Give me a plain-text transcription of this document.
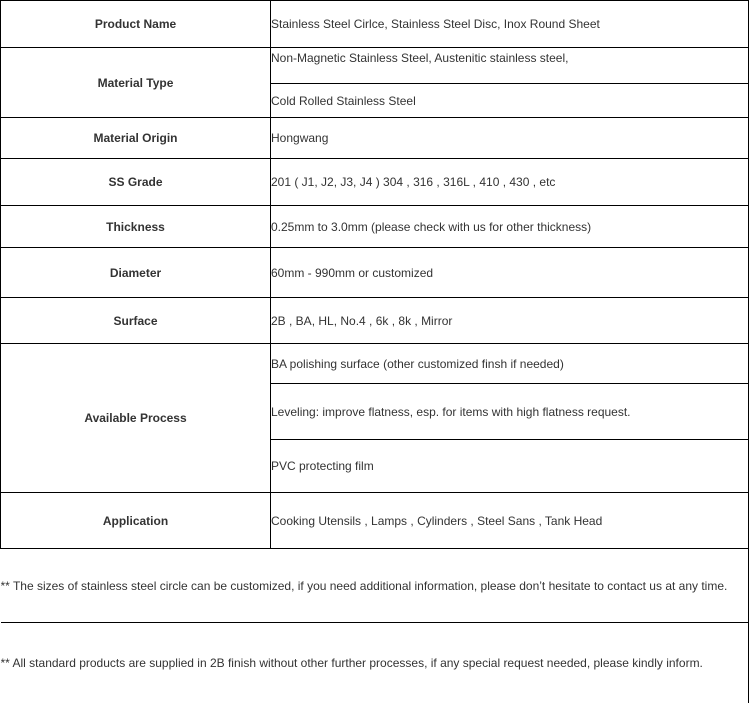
Product Name	Stainless Steel Cirlce, Stainless Steel Disc, Inox Round Sheet
Material Type	Non-Magnetic Stainless Steel, Austenitic stainless steel,

	Cold Rolled Stainless Steel
Material Origin	Hongwang
SS Grade	201 ( J1, J2, J3, J4 ) 304 , 316 , 316L , 410 , 430 , etc
Thickness	0.25mm to 3.0mm (please check with us for other thickness)
Diameter	60mm - 990mm or customized
Surface	2B , BA, HL, No.4 , 6k , 8k , Mirror
Available Process	BA polishing surface (other customized finsh if needed)
	Leveling: improve flatness, esp. for items with high flatness request.
	PVC protecting film
Application	Cooking Utensils , Lamps , Cylinders , Steel Sans , Tank Head
** The sizes of stainless steel circle can be customized, if you need additional information, please don’t hesitate to contact us at any time.	
** All standard products are supplied in 2B finish without other further processes, if any special request needed, please kindly inform.	
